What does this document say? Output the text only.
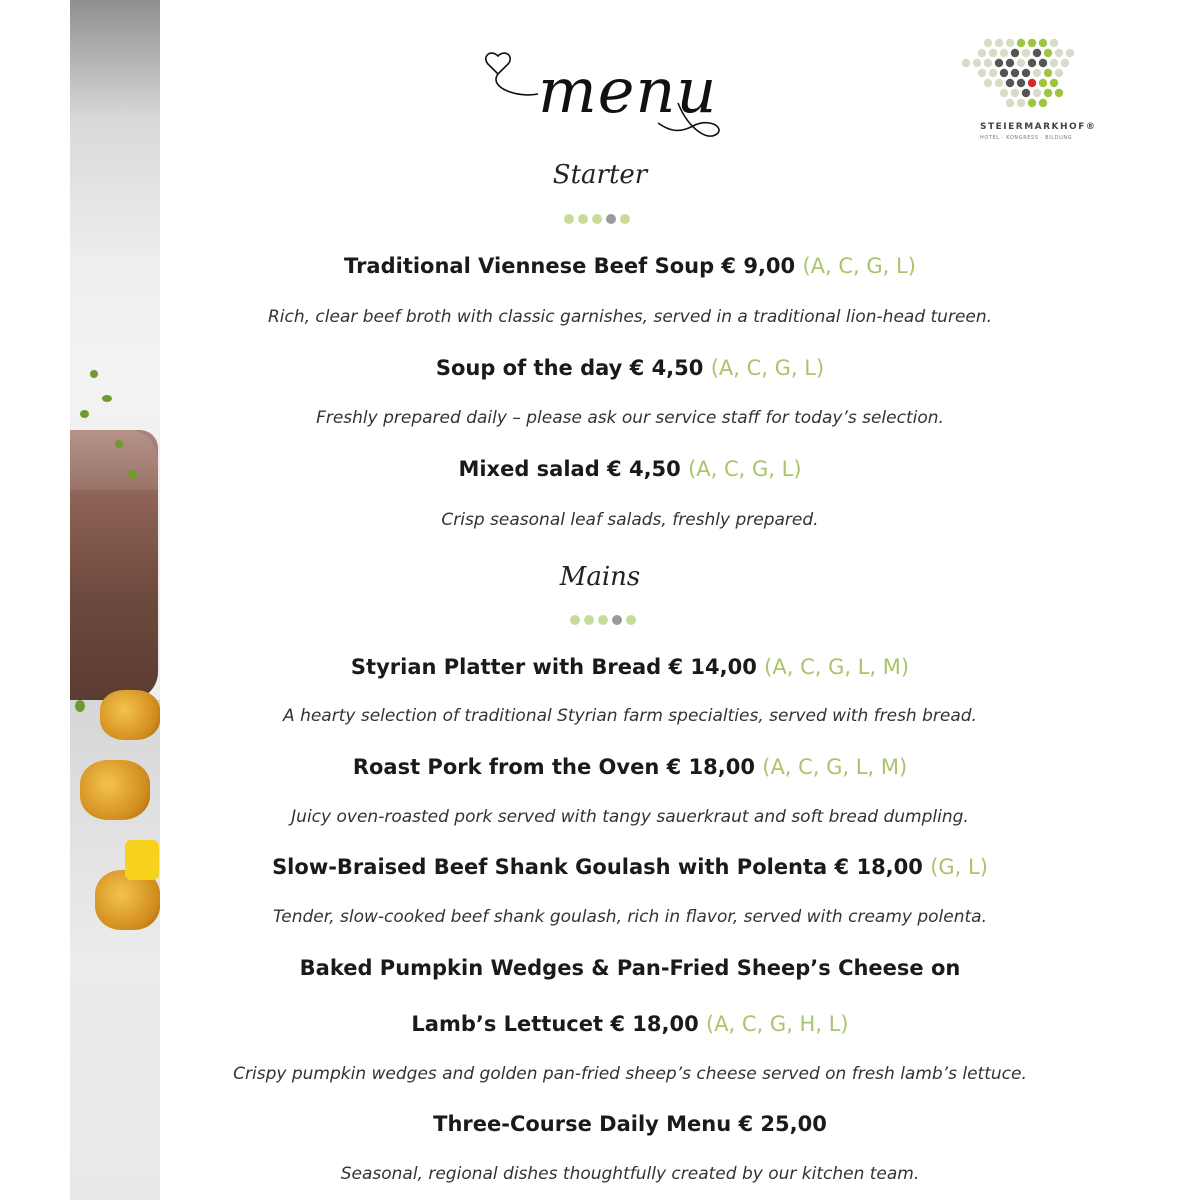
menu	STEIERMARKHOF®
HOTEL · KONGRESS · BILDUNG
Starter
Traditional Viennese Beef Soup € 9,00 (A, C, G, L)
Rich, clear beef broth with classic garnishes, served in a traditional lion-head tureen.
Soup of the day € 4,50 (A, C, G, L)
Freshly prepared daily – please ask our service staff for today’s selection.
Mixed salad € 4,50 (A, C, G, L)
Crisp seasonal leaf salads, freshly prepared.
Mains
Styrian Platter with Bread € 14,00 (A, C, G, L, M)
A hearty selection of traditional Styrian farm specialties, served with fresh bread.
Roast Pork from the Oven € 18,00 (A, C, G, L, M)
Juicy oven-roasted pork served with tangy sauerkraut and soft bread dumpling.
Slow-Braised Beef Shank Goulash with Polenta € 18,00 (G, L)
Tender, slow-cooked beef shank goulash, rich in flavor, served with creamy polenta.
Baked Pumpkin Wedges & Pan-Fried Sheep’s Cheese on
Lamb’s Lettucet € 18,00 (A, C, G, H, L)
Crispy pumpkin wedges and golden pan-fried sheep’s cheese served on fresh lamb’s lettuce.
Three-Course Daily Menu € 25,00
Seasonal, regional dishes thoughtfully created by our kitchen team.
